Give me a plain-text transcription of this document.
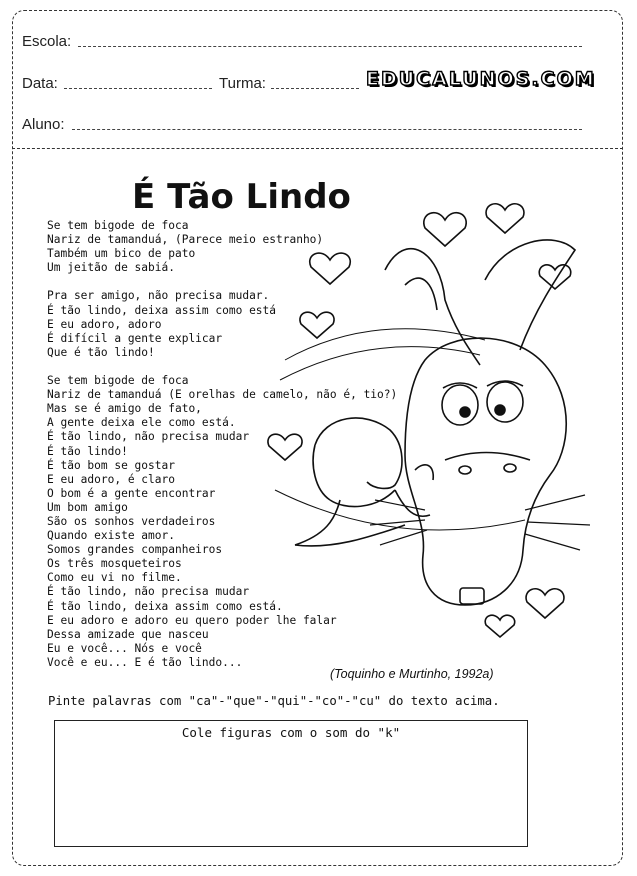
Escola:
Data:	Turma:	EDUCALUNOS.COM
Aluno:
É Tão Lindo
Se tem bigode de foca
Nariz de tamanduá, (Parece meio estranho)
Também um bico de pato
Um jeitão de sabiá.
Pra ser amigo, não precisa mudar.
É tão lindo, deixa assim como está
E eu adoro, adoro
É difícil a gente explicar
Que é tão lindo!
Se tem bigode de foca
Nariz de tamanduá (E orelhas de camelo, não é, tio?)
Mas se é amigo de fato,
A gente deixa ele como está.
É tão lindo, não precisa mudar
É tão lindo!
É tão bom se gostar
E eu adoro, é claro
O bom é a gente encontrar
Um bom amigo
São os sonhos verdadeiros
Quando existe amor.
Somos grandes companheiros
Os três mosqueteiros
Como eu vi no filme.
É tão lindo, não precisa mudar
É tão lindo, deixa assim como está.
E eu adoro e adoro eu quero poder lhe falar
Dessa amizade que nasceu
Eu e você... Nós e você
Você e eu... E é tão lindo...
(Toquinho e Murtinho, 1992a)
Pinte palavras com "ca"-"que"-"qui"-"co"-"cu" do texto acima.
Cole figuras com o som do "k"
